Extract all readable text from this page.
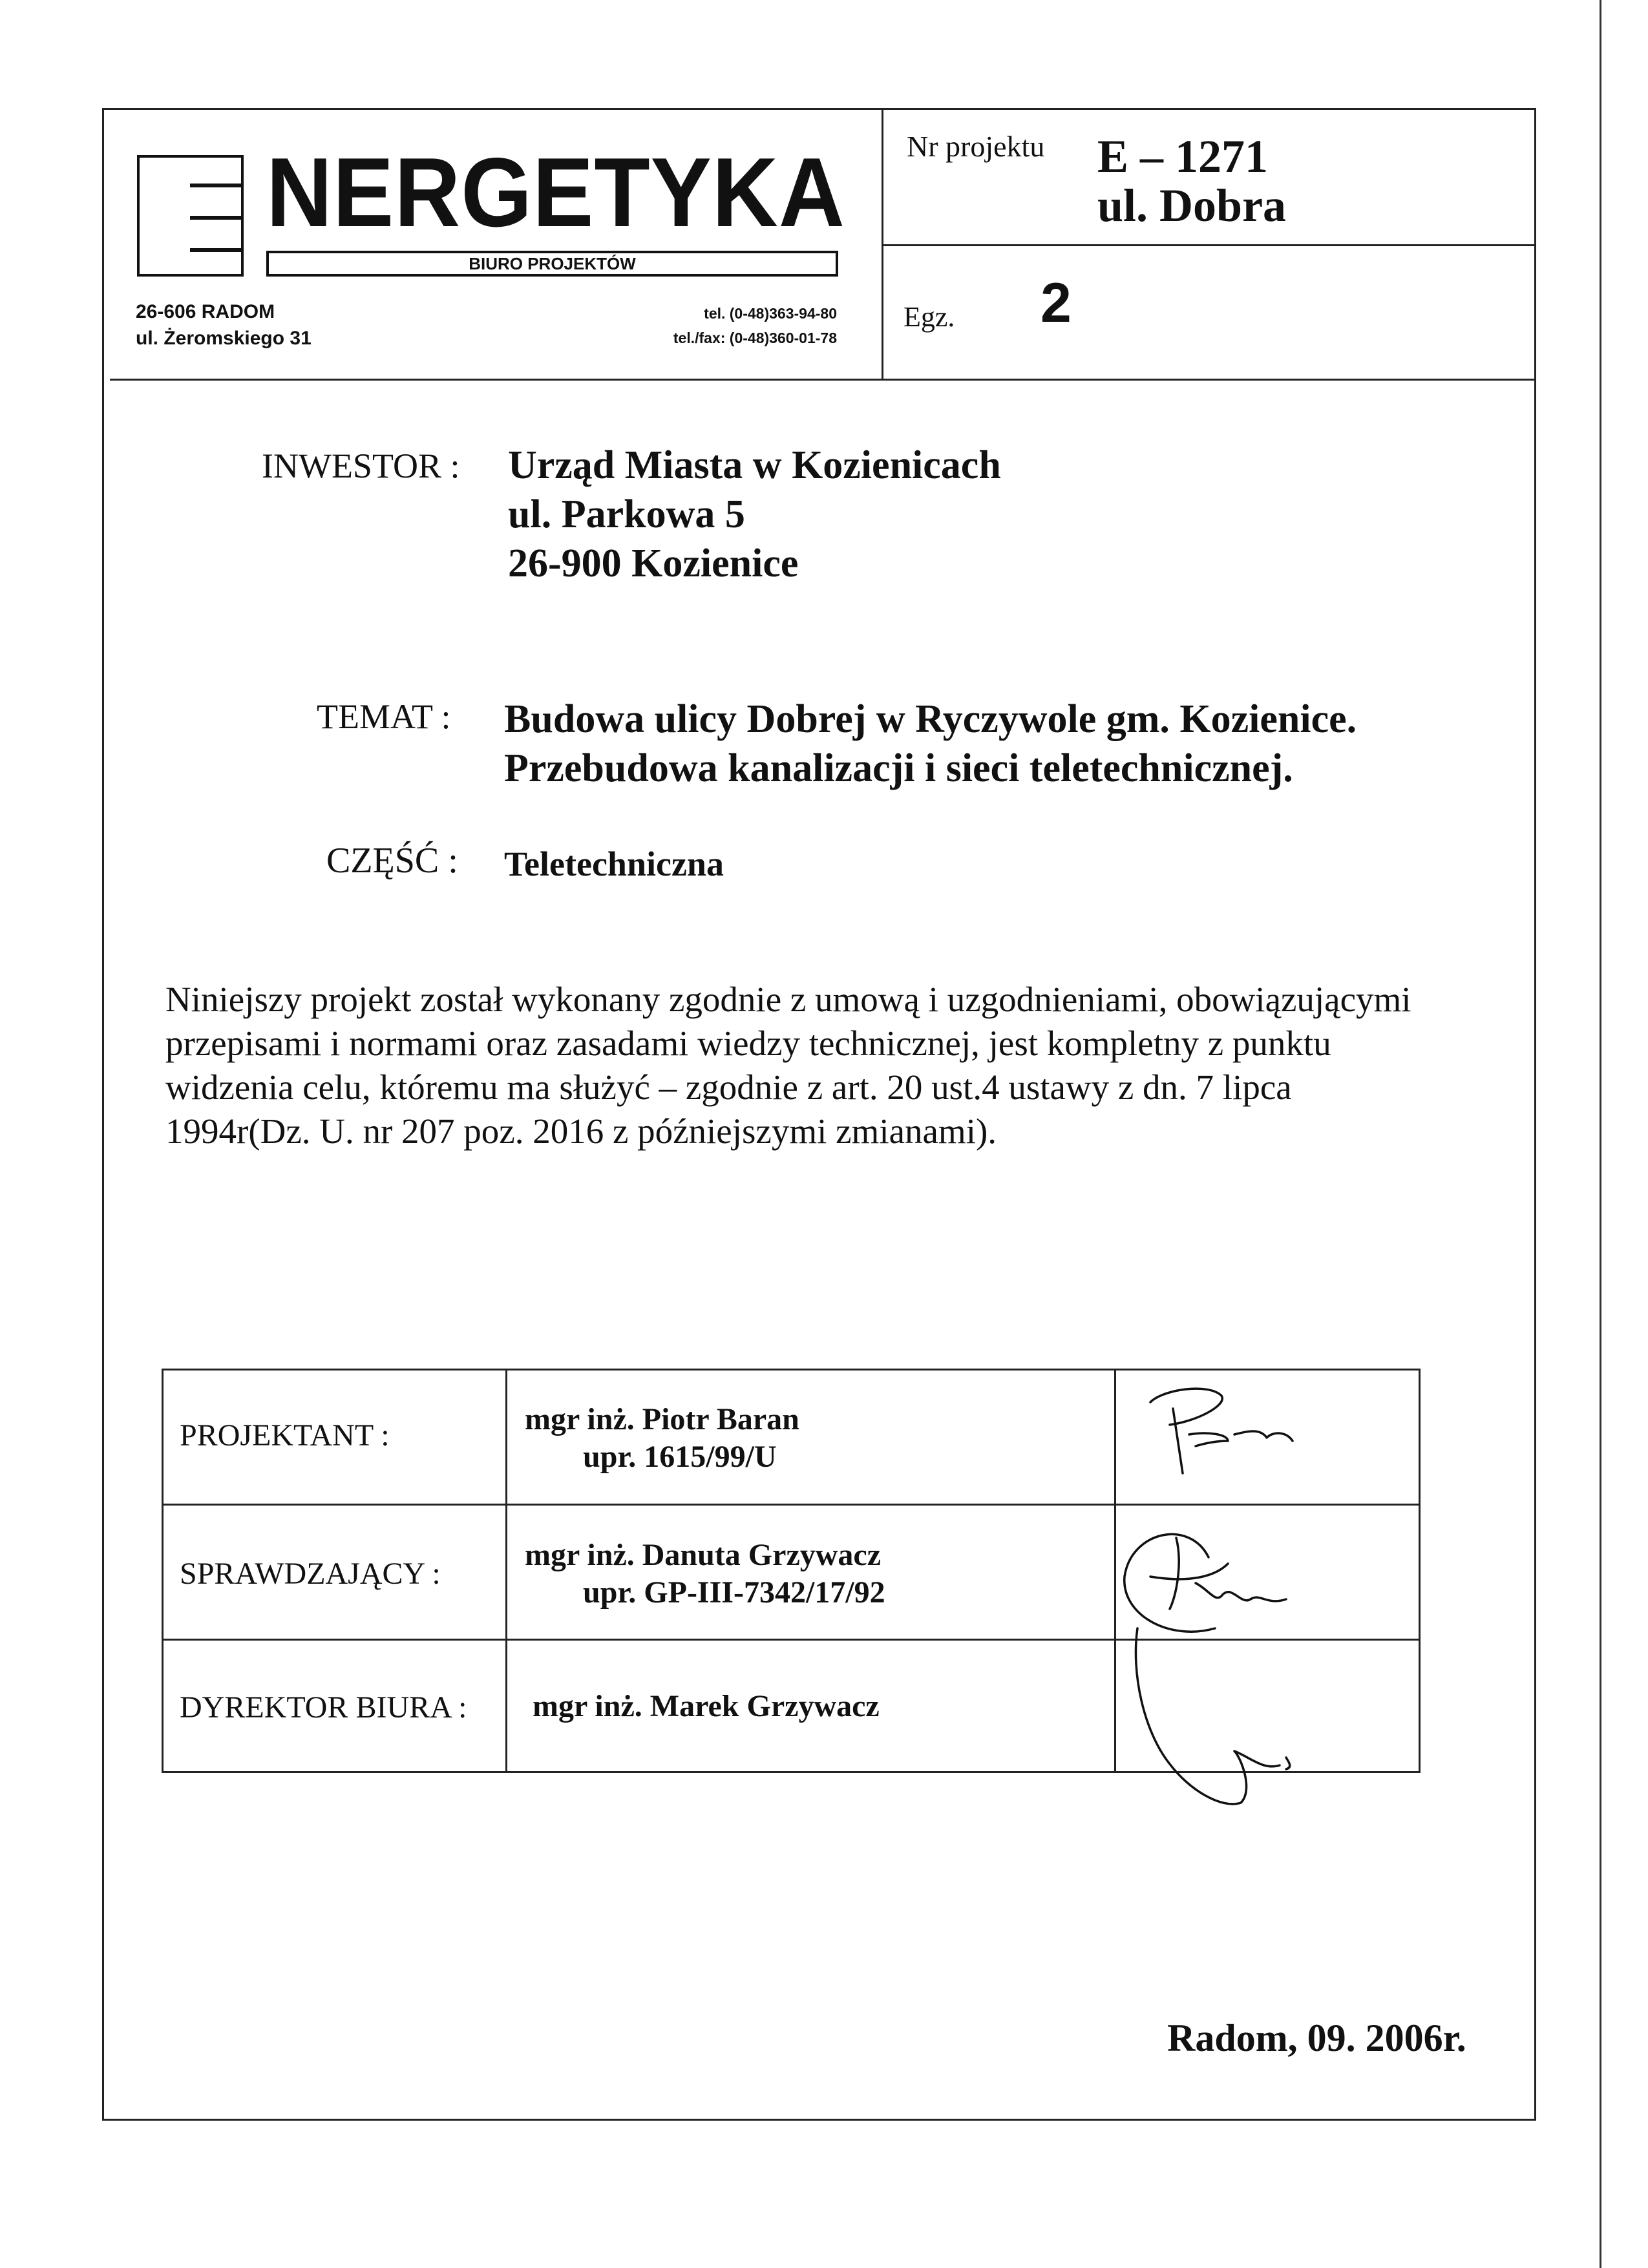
NERGETYKA
BIURO PROJEKTÓW
26-606 RADOM
ul. Żeromskiego 31
tel. (0-48)363-94-80
tel./fax: (0-48)360-01-78
Nr projektu E – 1271
ul. Dobra
Egz. 2
INWESTOR : Urząd Miasta w Kozienicach
ul. Parkowa 5
26-900 Kozienice
TEMAT : Budowa ulicy Dobrej w Ryczywole gm. Kozienice.
Przebudowa kanalizacji i sieci teletechnicznej.
CZĘŚĆ : Teletechniczna
Niniejszy projekt został wykonany zgodnie z umową i uzgodnieniami, obowiązującymi
przepisami i normami oraz zasadami wiedzy technicznej, jest kompletny z punktu
widzenia celu, któremu ma służyć – zgodnie z art. 20 ust.4 ustawy z dn. 7 lipca
1994r(Dz. U. nr 207 poz. 2016 z późniejszymi zmianami).
PROJEKTANT :	mgr inż. Piotr Baran
upr. 1615/99/U
SPRAWDZAJĄCY :
mgr inż. Danuta Grzywacz
upr. GP-III-7342/17/92
DYREKTOR BIURA : mgr inż. Marek Grzywacz
Radom, 09. 2006r.
